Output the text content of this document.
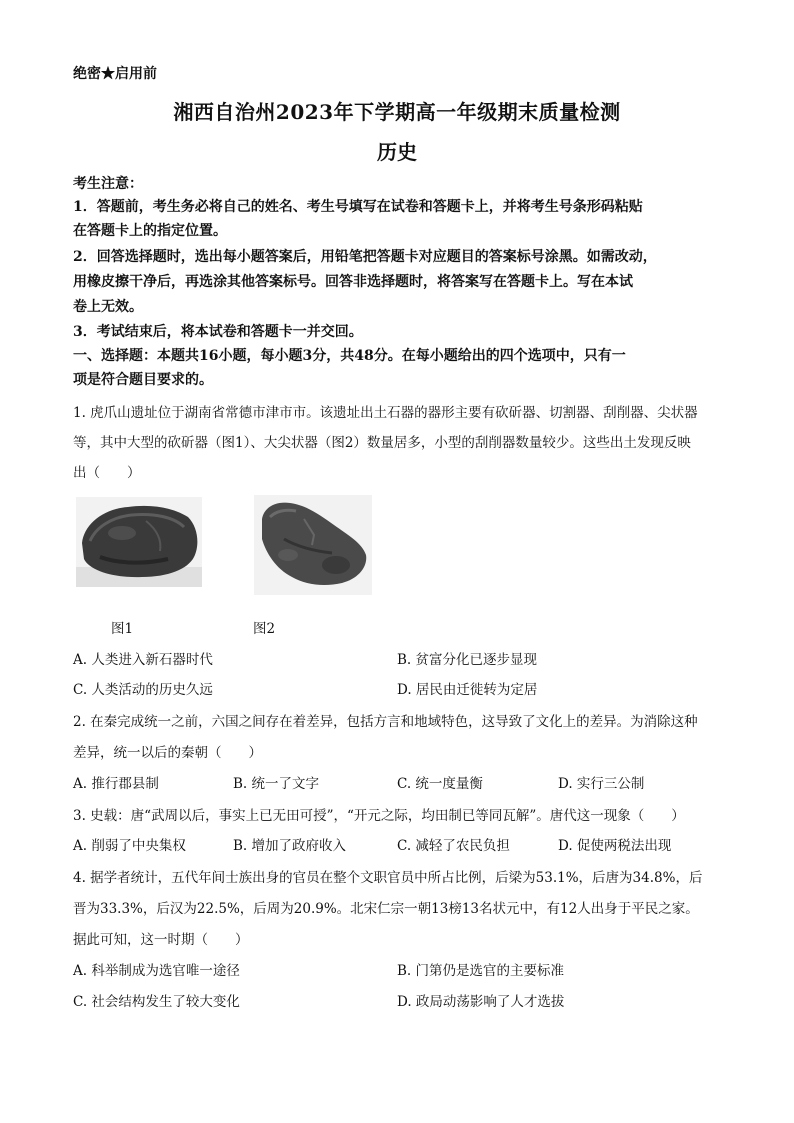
绝密★启用前
湘西自治州2023年下学期高一年级期末质量检测
历史
考生注意：
1．答题前，考生务必将自己的姓名、考生号填写在试卷和答题卡上，并将考生号条形码粘贴
在答题卡上的指定位置。
2．回答选择题时，选出每小题答案后，用铅笔把答题卡对应题目的答案标号涂黑。如需改动，
用橡皮擦干净后，再选涂其他答案标号。回答非选择题时，将答案写在答题卡上。写在本试
卷上无效。
3．考试结束后，将本试卷和答题卡一并交回。
一、选择题：本题共16小题，每小题3分，共48分。在每小题给出的四个选项中，只有一
项是符合题目要求的。
1. 虎爪山遗址位于湖南省常德市津市市。该遗址出土石器的器形主要有砍斫器、切割器、刮削器、尖状器
等，其中大型的砍斫器（图1）、大尖状器（图2）数量居多，小型的刮削器数量较少。这些出土发现反映
出（　　）
图1	图2
A. 人类进入新石器时代	B. 贫富分化已逐步显现
C. 人类活动的历史久远	D. 居民由迁徙转为定居
2. 在秦完成统一之前，六国之间存在着差异，包括方言和地域特色，这导致了文化上的差异。为消除这种
差异，统一以后的秦朝（　　）
A. 推行郡县制	B. 统一了文字	C. 统一度量衡	D. 实行三公制
3. 史载：唐“武周以后，事实上已无田可授”，“开元之际，均田制已等同瓦解”。唐代这一现象（　　）
A. 削弱了中央集权	B. 增加了政府收入	C. 减轻了农民负担	D. 促使两税法出现
4. 据学者统计，五代年间士族出身的官员在整个文职官员中所占比例，后梁为53.1%，后唐为34.8%，后
晋为33.3%，后汉为22.5%，后周为20.9%。北宋仁宗一朝13榜13名状元中，有12人出身于平民之家。
据此可知，这一时期（　　）
A. 科举制成为选官唯一途径	B. 门第仍是选官的主要标准
C. 社会结构发生了较大变化	D. 政局动荡影响了人才选拔
